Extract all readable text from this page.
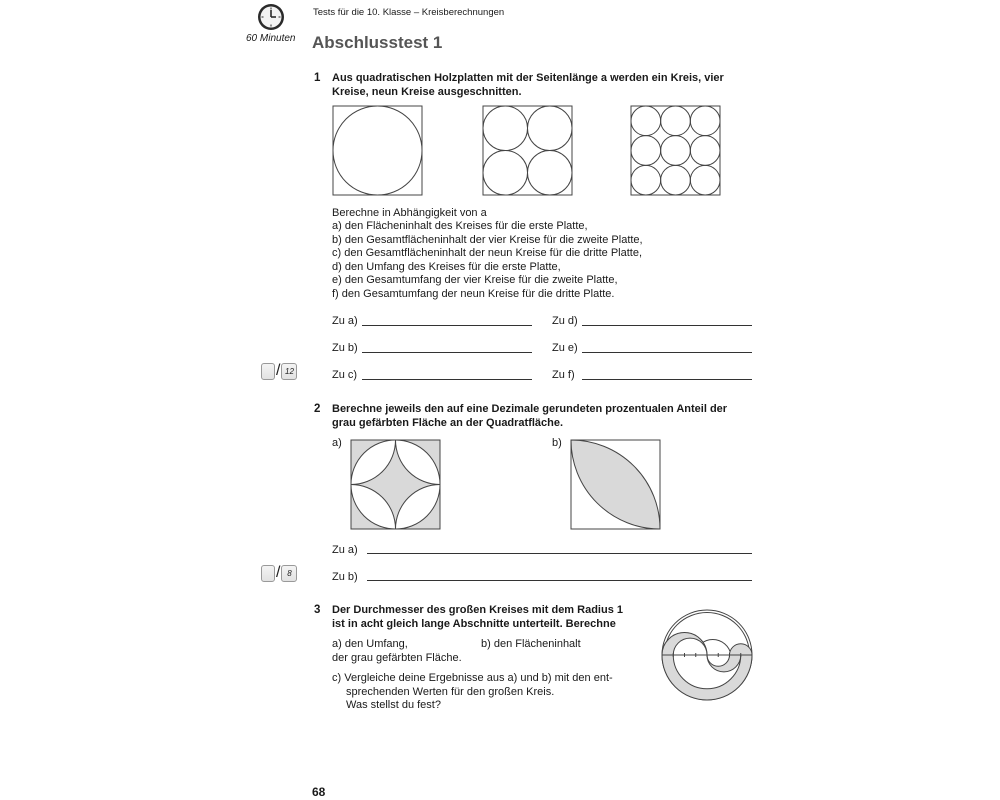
60 Minuten
Tests für die 10. Klasse – Kreisberechnungen
Abschlusstest 1
1 Aus quadratischen Holzplatten mit der Seitenlänge a werden ein Kreis, vier
Kreise, neun Kreise ausgeschnitten.
Berechne in Abhängigkeit von a
a) den Flächeninhalt des Kreises für die erste Platte,
b) den Gesamtflächeninhalt der vier Kreise für die zweite Platte,
c) den Gesamtflächeninhalt der neun Kreise für die dritte Platte,
d) den Umfang des Kreises für die erste Platte,
e) den Gesamtumfang der vier Kreise für die zweite Platte,
f) den Gesamtumfang der neun Kreise für die dritte Platte.
Zu a)
Zu b)
Zu c)
Zu d)
Zu e)
Zu f)
/ 12
2 Berechne jeweils den auf eine Dezimale gerundeten prozentualen Anteil der
grau gefärbten Fläche an der Quadratfläche.
a)	b)
Zu a)
Zu b)
/ 8
3 Der Durchmesser des großen Kreises mit dem Radius 1
ist in acht gleich lange Abschnitte unterteilt. Berechne
a) den Umfang,	b) den Flächeninhalt
der grau gefärbten Fläche.
c) Vergleiche deine Ergebnisse aus a) und b) mit den ent-
sprechenden Werten für den großen Kreis.
Was stellst du fest?
68
